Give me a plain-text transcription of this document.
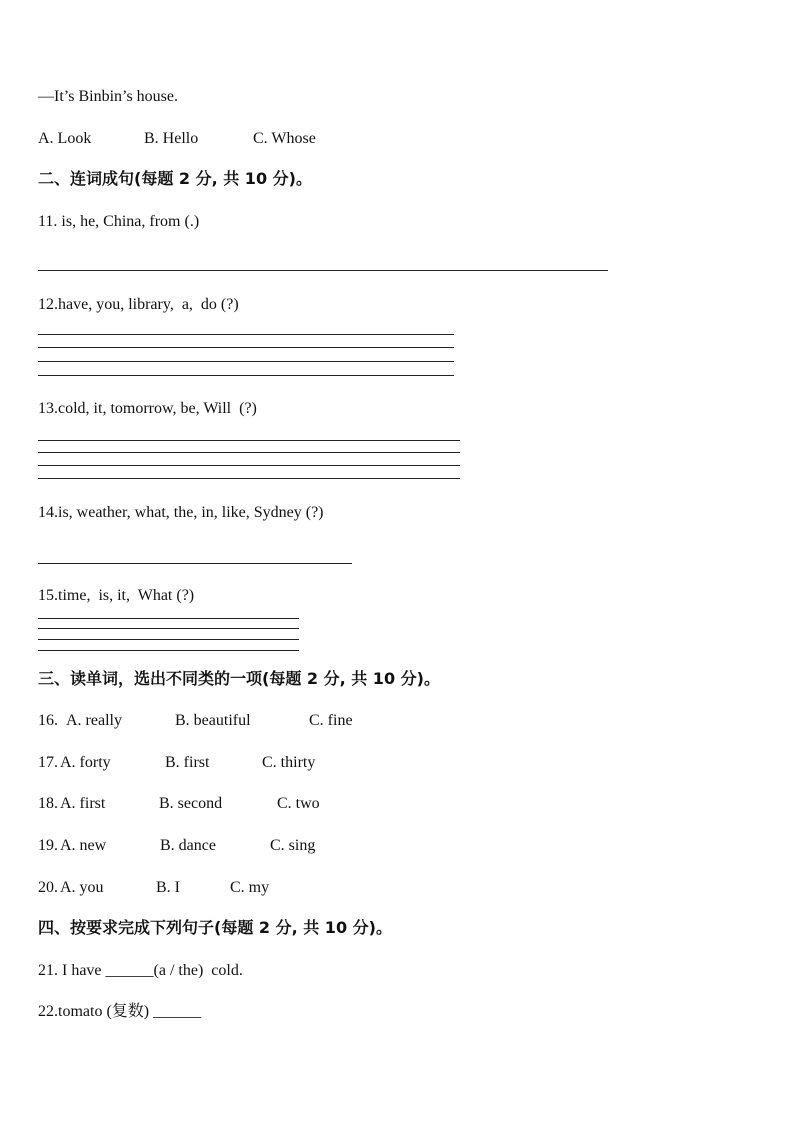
—It’s Binbin’s house.
A. Look	B. Hello	C. Whose
二、连词成句(每题 2 分, 共 10 分)。
11. is, he, China, from (.)
12.have, you, library,  a,  do (?)
13.cold, it, tomorrow, be, Will  (?)
14.is, weather, what, the, in, like, Sydney (?)
15.time,  is, it,  What (?)
三、读单词，选出不同类的一项(每题 2 分, 共 10 分)。
16. A. really	B. beautiful	C. fine
17. A. forty	B. first	C. thirty
18. A. first	B. second	C. two
19. A. new	B. dance	C. sing
20. A. you	B. I	C. my
四、按要求完成下列句子(每题 2 分, 共 10 分)。
21. I have ______(a / the)  cold.
22.tomato (复数) ______
